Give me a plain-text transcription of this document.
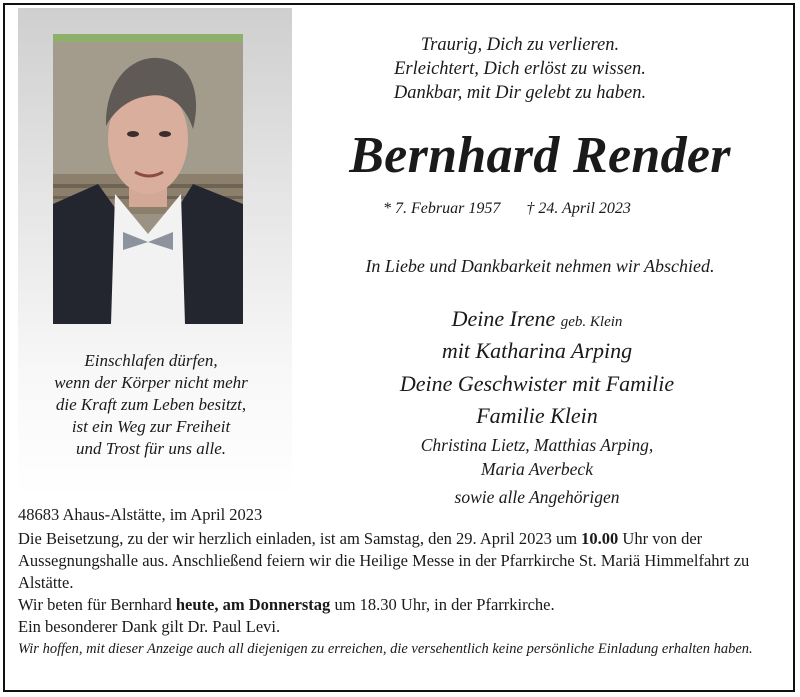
Einschlafen dürfen,
wenn der Körper nicht mehr
die Kraft zum Leben besitzt,
ist ein Weg zur Freiheit
und Trost für uns alle.
Traurig, Dich zu verlieren.
Erleichtert, Dich erlöst zu wissen.
Dankbar, mit Dir gelebt zu haben.
Bernhard Render
* 7. Februar 1957 † 24. April 2023
In Liebe und Dankbarkeit nehmen wir Abschied.
Deine Irene geb. Klein
mit Katharina Arping
Deine Geschwister mit Familie
Familie Klein
Christina Lietz, Matthias Arping,
Maria Averbeck
sowie alle Angehörigen
48683 Ahaus-Alstätte, im April 2023

Die Beisetzung, zu der wir herzlich einladen, ist am Samstag, den 29. April 2023 um 10.00 Uhr von der Aussegnungshalle aus. Anschließend feiern wir die Heilige Messe in der Pfarrkirche St. Mariä Himmelfahrt zu Alstätte.

Wir beten für Bernhard heute, am Donnerstag um 18.30 Uhr, in der Pfarrkirche.

Ein besonderer Dank gilt Dr. Paul Levi.

Wir hoffen, mit dieser Anzeige auch all diejenigen zu erreichen, die versehentlich keine persönliche Einladung erhalten haben.
